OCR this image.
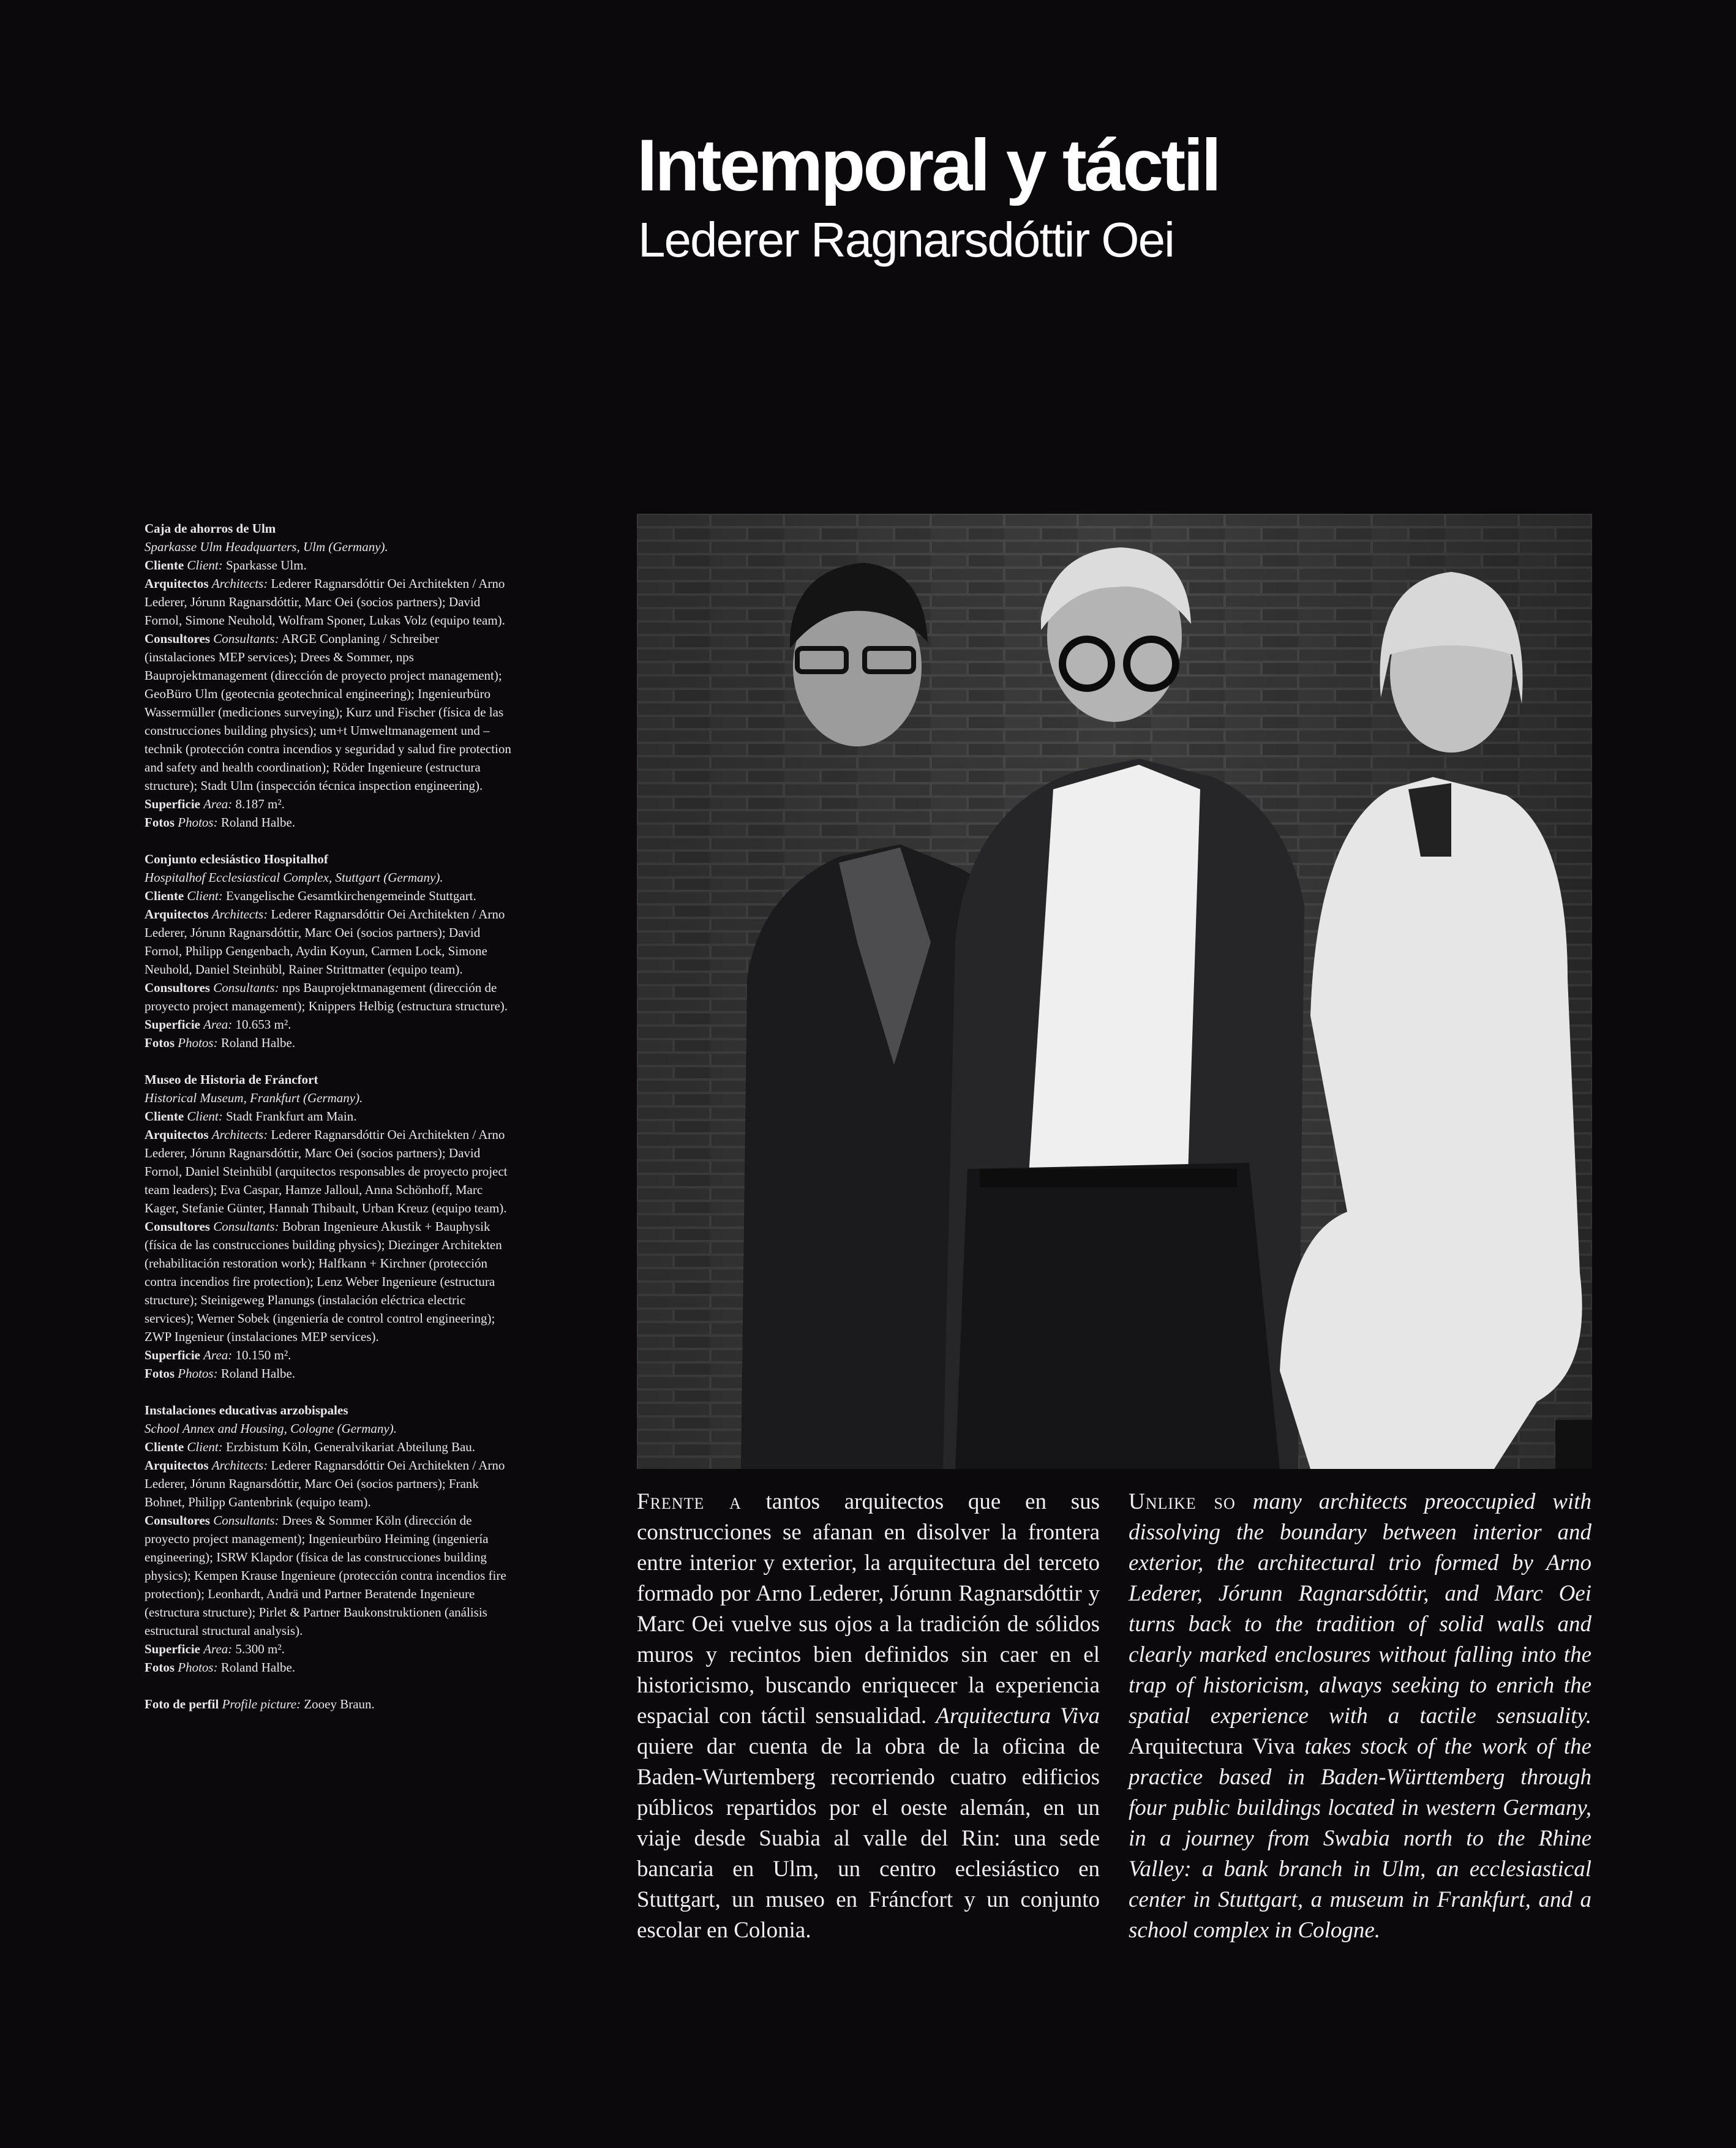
Intemporal y táctil
Lederer Ragnarsdóttir Oei
Caja de ahorros de Ulm
Sparkasse Ulm Headquarters, Ulm (Germany).

Cliente Client: Sparkasse Ulm.

Arquitectos Architects: Lederer Ragnarsdóttir Oei Architekten / Arno Lederer, Jórunn Ragnarsdóttir, Marc Oei (socios partners); David Fornol, Simone Neuhold, Wolfram Sponer, Lukas Volz (equipo team).

Consultores Consultants: ARGE Conplaning / Schreiber (instalaciones MEP services); Drees & Sommer, nps Bauprojektmanagement (dirección de proyecto project management); GeoBüro Ulm (geotecnia geotechnical engineering); Ingenieurbüro Wassermüller (mediciones surveying); Kurz und Fischer (física de las construcciones building physics); um+t Umweltmanagement und –technik (protección contra incendios y seguridad y salud fire protection and safety and health coordination); Röder Ingenieure (estructura structure); Stadt Ulm (inspección técnica inspection engineering).

Superficie Area: 8.187 m².

Fotos Photos: Roland Halbe.

Conjunto eclesiástico Hospitalhof
Hospitalhof Ecclesiastical Complex, Stuttgart (Germany).

Cliente Client: Evangelische Gesamtkirchengemeinde Stuttgart.

Arquitectos Architects: Lederer Ragnarsdóttir Oei Architekten / Arno Lederer, Jórunn Ragnarsdóttir, Marc Oei (socios partners); David Fornol, Philipp Gengenbach, Aydin Koyun, Carmen Lock, Simone Neuhold, Daniel Steinhübl, Rainer Strittmatter (equipo team).

Consultores Consultants: nps Bauprojektmanagement (dirección de proyecto project management); Knippers Helbig (estructura structure).

Superficie Area: 10.653 m².

Fotos Photos: Roland Halbe.

Museo de Historia de Fráncfort
Historical Museum, Frankfurt (Germany).

Cliente Client: Stadt Frankfurt am Main.

Arquitectos Architects: Lederer Ragnarsdóttir Oei Architekten / Arno Lederer, Jórunn Ragnarsdóttir, Marc Oei (socios partners); David Fornol, Daniel Steinhübl (arquitectos responsables de proyecto project team leaders); Eva Caspar, Hamze Jalloul, Anna Schönhoff, Marc Kager, Stefanie Günter, Hannah Thibault, Urban Kreuz (equipo team).

Consultores Consultants: Bobran Ingenieure Akustik + Bauphysik (física de las construcciones building physics); Diezinger Architekten (rehabilitación restoration work); Halfkann + Kirchner (protección contra incendios fire protection); Lenz Weber Ingenieure (estructura structure); Steinigeweg Planungs (instalación eléctrica electric services); Werner Sobek (ingeniería de control control engineering); ZWP Ingenieur (instalaciones MEP services).

Superficie Area: 10.150 m².

Fotos Photos: Roland Halbe.

Instalaciones educativas arzobispales
School Annex and Housing, Cologne (Germany).

Cliente Client: Erzbistum Köln, Generalvikariat Abteilung Bau.

Arquitectos Architects: Lederer Ragnarsdóttir Oei Architekten / Arno Lederer, Jórunn Ragnarsdóttir, Marc Oei (socios partners); Frank Bohnet, Philipp Gantenbrink (equipo team).

Consultores Consultants: Drees & Sommer Köln (dirección de proyecto project management); Ingenieurbüro Heiming (ingeniería engineering); ISRW Klapdor (física de las construcciones building physics); Kempen Krause Ingenieure (protección contra incendios fire protection); Leonhardt, Andrä und Partner Beratende Ingenieure (estructura structure); Pirlet & Partner Baukonstruktionen (análisis estructural structural analysis).

Superficie Area: 5.300 m².

Fotos Photos: Roland Halbe.

Foto de perfil Profile picture: Zooey Braun.

Frente a tantos arquitectos que en sus construcciones se afanan en disolver la frontera entre interior y exterior, la arquitectura del terceto formado por Arno Lederer, Jórunn Ragnarsdóttir y Marc Oei vuelve sus ojos a la tradición de sólidos muros y recintos bien definidos sin caer en el historicismo, buscando enriquecer la experiencia espacial con táctil sensualidad. Arquitectura Viva quiere dar cuenta de la obra de la oficina de Baden-Wurtemberg recorriendo cuatro edificios públicos repartidos por el oeste alemán, en un viaje desde Suabia al valle del Rin: una sede bancaria en Ulm, un centro eclesiástico en Stuttgart, un museo en Fráncfort y un conjunto escolar en Colonia.

Unlike so many architects preoccupied with dissolving the boundary between interior and exterior, the architectural trio formed by Arno Lederer, Jórunn Ragnarsdóttir, and Marc Oei turns back to the tradition of solid walls and clearly marked enclosures without falling into the trap of historicism, always seeking to enrich the spatial experience with a tactile sensuality. Arquitectura Viva takes stock of the work of the practice based in Baden-Württemberg through four public buildings located in western Germany, in a journey from Swabia north to the Rhine Valley: a bank branch in Ulm, an ecclesiastical center in Stuttgart, a museum in Frankfurt, and a school complex in Cologne.
